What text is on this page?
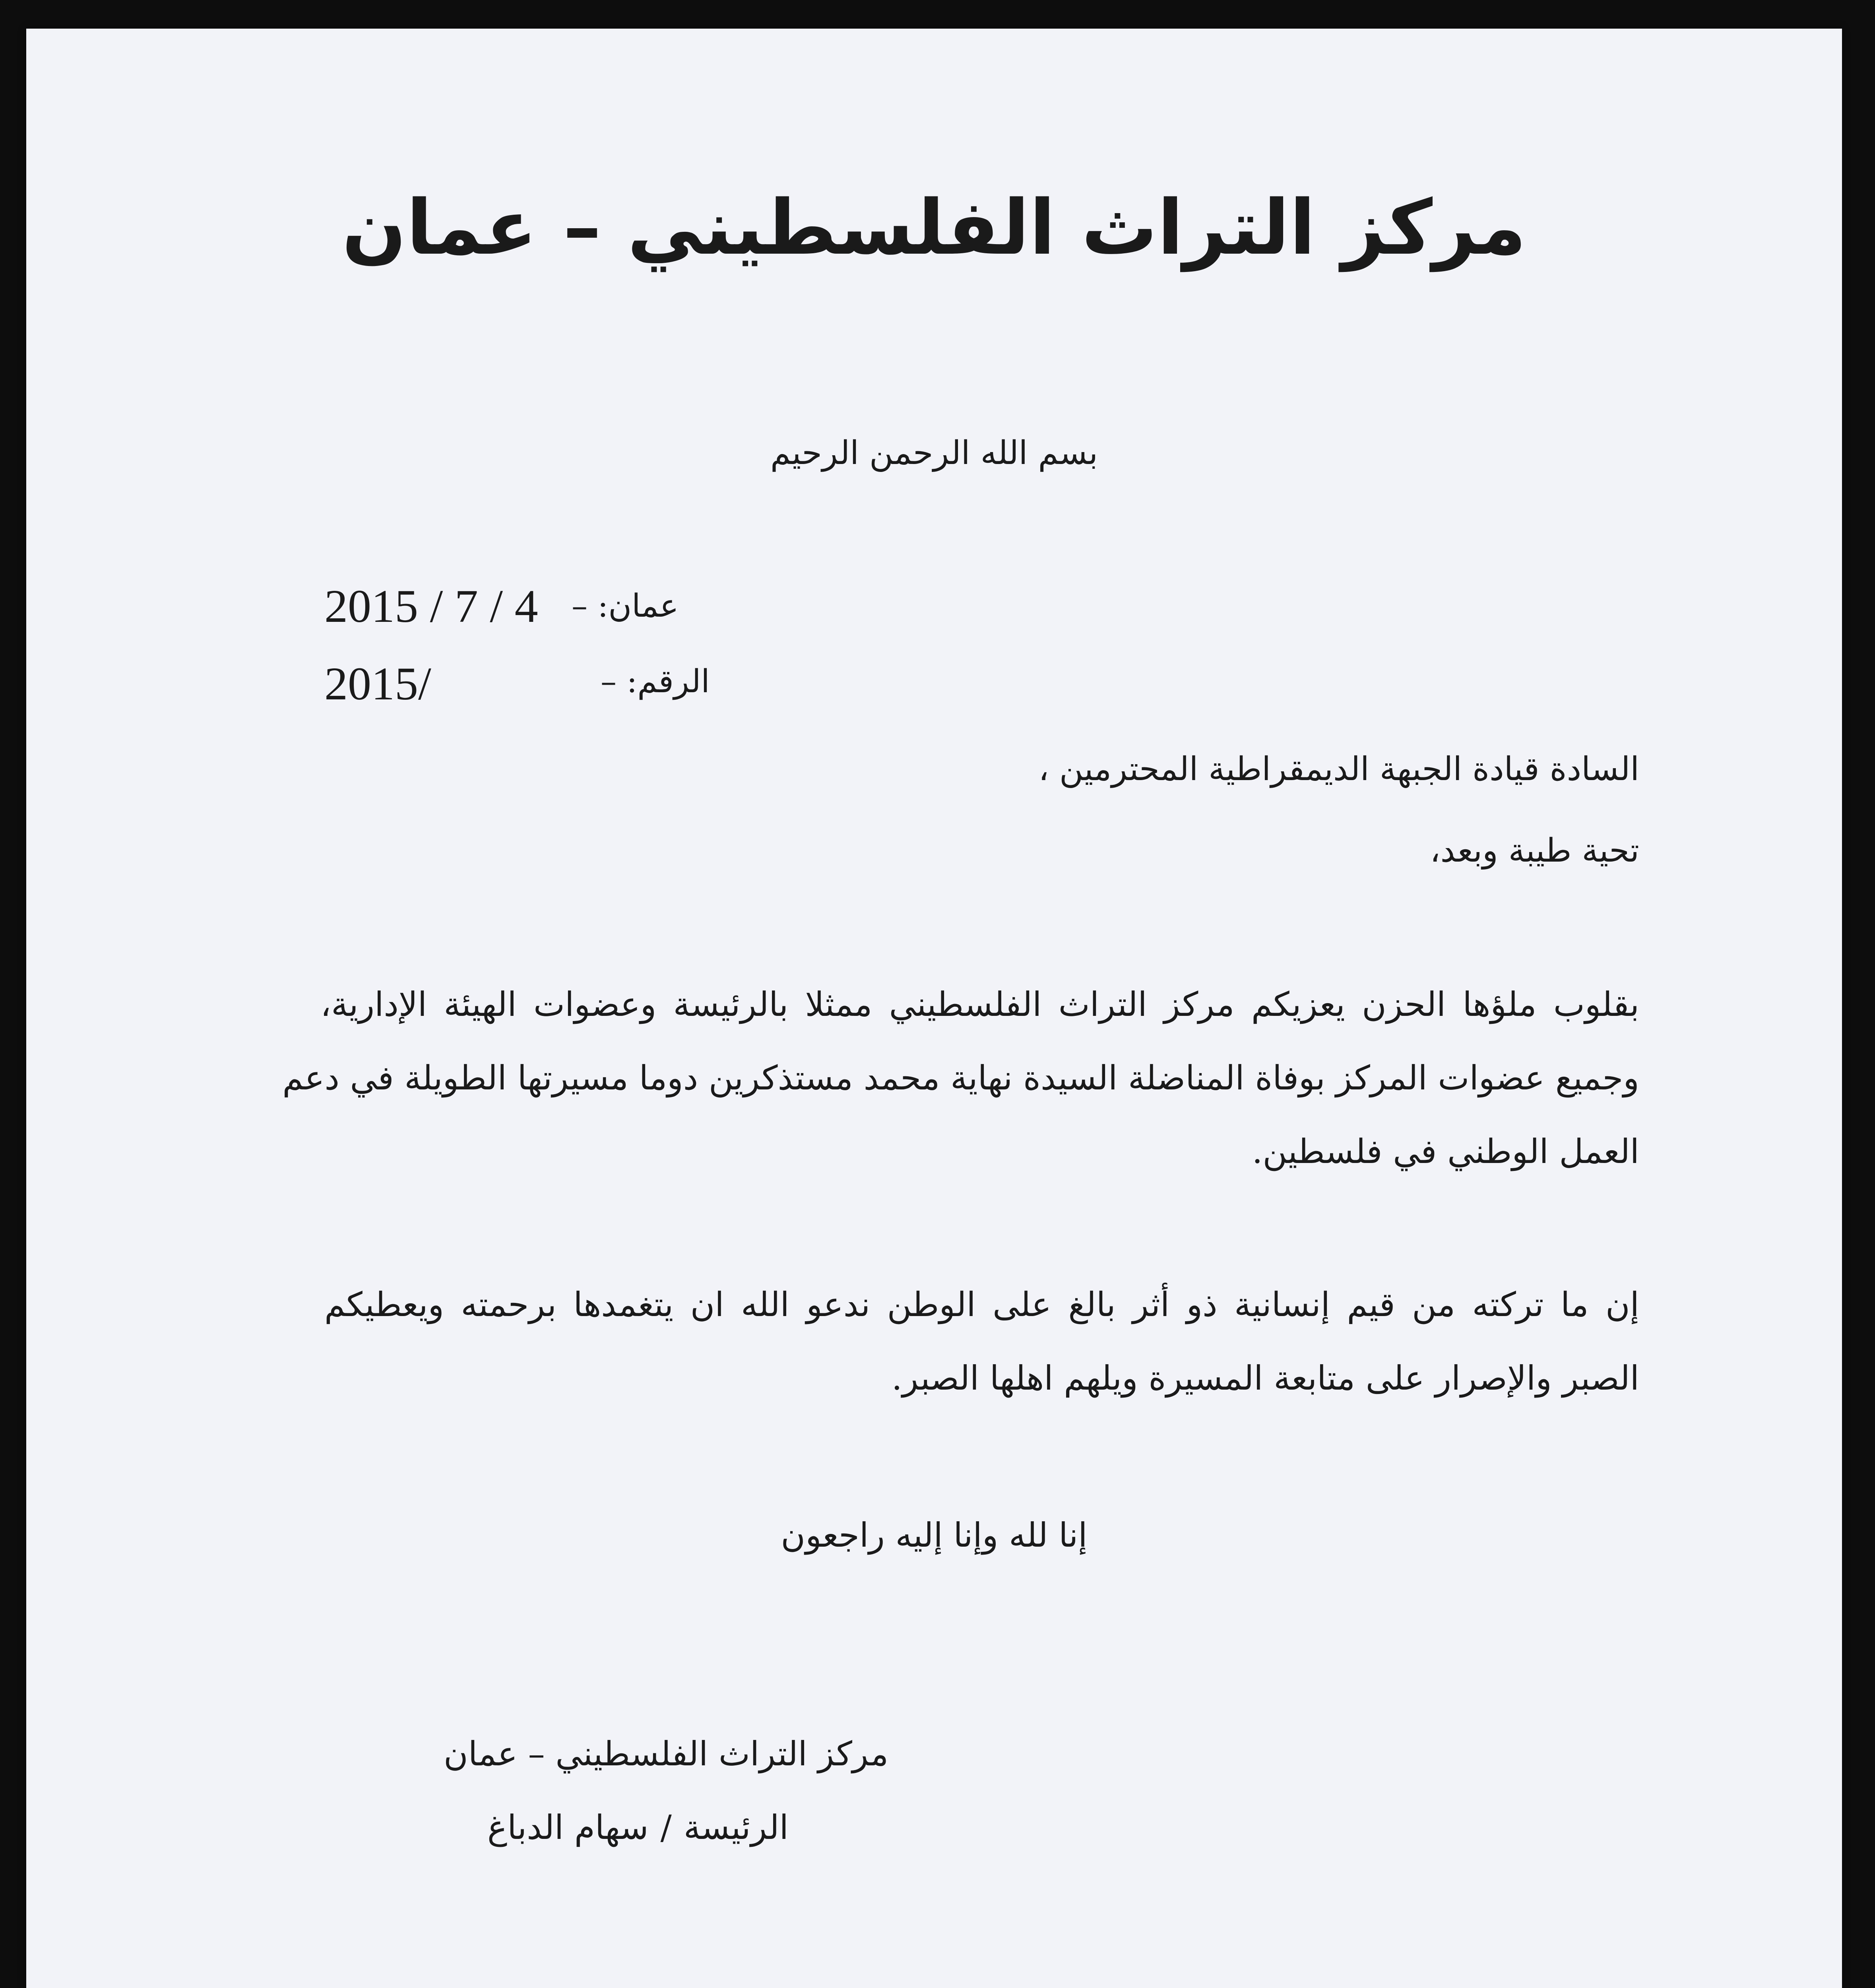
مركز التراث الفلسطيني – عمان
بسم الله الرحمن الرحيم
عمان: –
2015 / 7 / 4
الرقم: –
2015/
السادة قيادة الجبهة الديمقراطية المحترمين ،
تحية طيبة وبعد،
بقلوب ملؤها الحزن يعزيكم مركز التراث الفلسطيني ممثلا بالرئيسة وعضوات الهيئة الإدارية،
وجميع عضوات المركز بوفاة المناضلة السيدة نهاية محمد مستذكرين دوما مسيرتها الطويلة في دعم
العمل الوطني في فلسطين.
إن ما تركته من قيم إنسانية ذو أثر بالغ على الوطن ندعو الله ان يتغمدها برحمته ويعطيكم
الصبر والإصرار على متابعة المسيرة ويلهم اهلها الصبر.
إنا لله وإنا إليه راجعون
مركز التراث الفلسطيني – عمان
الرئيسة/سهام الدباغ
